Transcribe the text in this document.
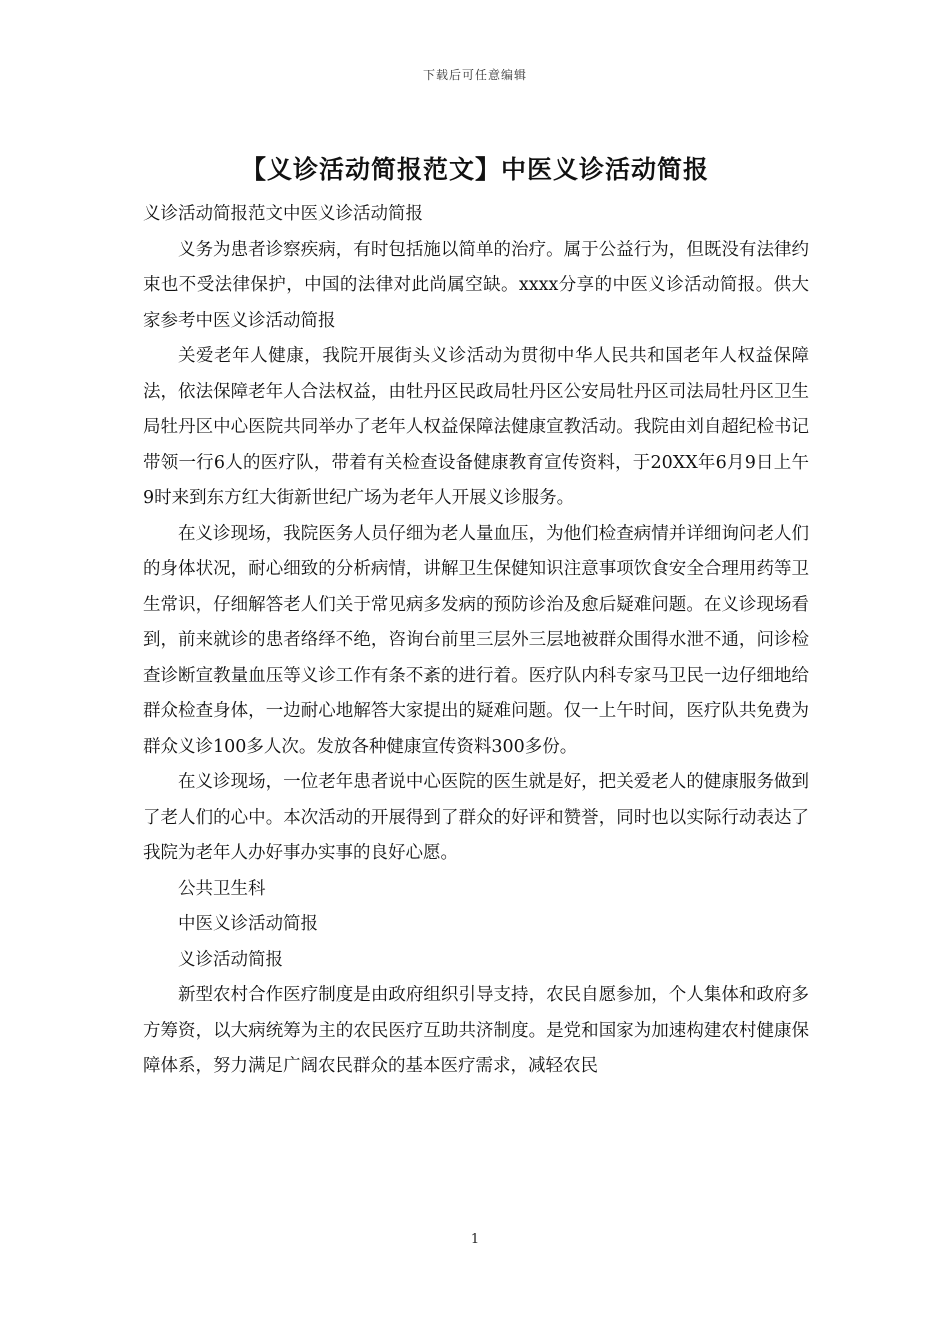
下载后可任意编辑
【义诊活动简报范文】中医义诊活动简报

义诊活动简报范文中医义诊活动简报

义务为患者诊察疾病，有时包括施以简单的治疗。属于公益行为，但既没有法律约束也不受法律保护，中国的法律对此尚属空缺。xxxx分享的中医义诊活动简报。供大家参考中医义诊活动简报

关爱老年人健康，我院开展街头义诊活动为贯彻中华人民共和国老年人权益保障法，依法保障老年人合法权益，由牡丹区民政局牡丹区公安局牡丹区司法局牡丹区卫生局牡丹区中心医院共同举办了老年人权益保障法健康宣教活动。我院由刘自超纪检书记带领一行6人的医疗队，带着有关检查设备健康教育宣传资料，于20XX年6月9日上午9时来到东方红大街新世纪广场为老年人开展义诊服务。

在义诊现场，我院医务人员仔细为老人量血压，为他们检查病情并详细询问老人们的身体状况，耐心细致的分析病情，讲解卫生保健知识注意事项饮食安全合理用药等卫生常识，仔细解答老人们关于常见病多发病的预防诊治及愈后疑难问题。在义诊现场看到，前来就诊的患者络绎不绝，咨询台前里三层外三层地被群众围得水泄不通，问诊检查诊断宣教量血压等义诊工作有条不紊的进行着。医疗队内科专家马卫民一边仔细地给群众检查身体，一边耐心地解答大家提出的疑难问题。仅一上午时间，医疗队共免费为群众义诊100多人次。发放各种健康宣传资料300多份。

在义诊现场，一位老年患者说中心医院的医生就是好，把关爱老人的健康服务做到了老人们的心中。本次活动的开展得到了群众的好评和赞誉，同时也以实际行动表达了我院为老年人办好事办实事的良好心愿。

公共卫生科

中医义诊活动简报

义诊活动简报

新型农村合作医疗制度是由政府组织引导支持，农民自愿参加，个人集体和政府多方筹资，以大病统筹为主的农民医疗互助共济制度。是党和国家为加速构建农村健康保障体系，努力满足广阔农民群众的基本医疗需求，减轻农民

1
